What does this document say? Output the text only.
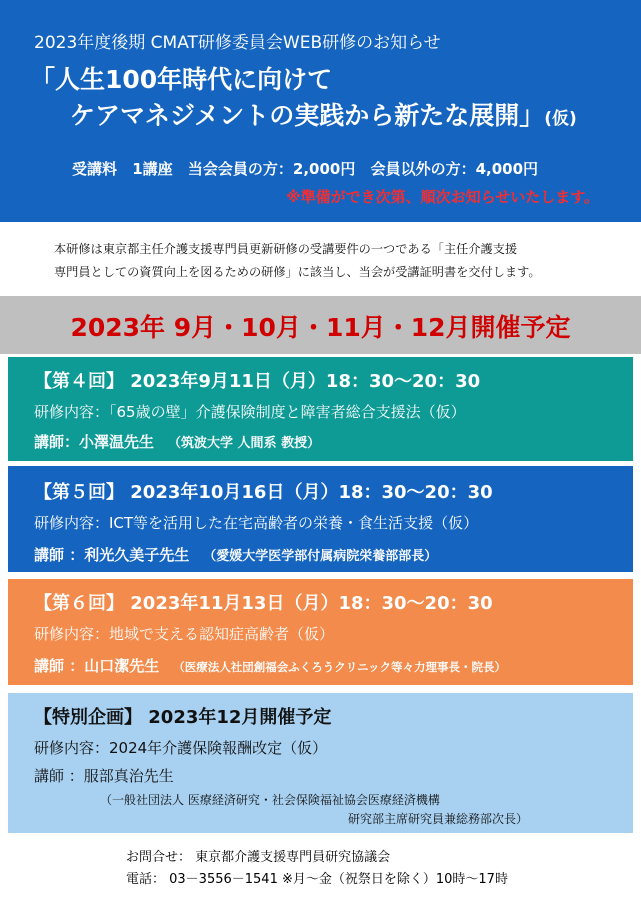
2023年度後期 CMAT研修委員会WEB研修のお知らせ
「人生100年時代に向けて
ケアマネジメントの実践から新たな展開」(仮)
受講料 1講座 当会会員の方：2,000円 会員以外の方：4,000円
※準備ができ次第、順次お知らせいたします。
本研修は東京都主任介護支援専門員更新研修の受講要件の一つである「主任介護支援
専門員としての資質向上を図るための研修」に該当し、当会が受講証明書を交付します。
2023年 9月・10月・11月・12月開催予定
【第４回】 2023年9月11日（月）18：30～20：30
研修内容：「65歳の壁」介護保険制度と障害者総合支援法（仮）
講師：小澤温先生 （筑波大学 人間系 教授）
【第５回】 2023年10月16日（月）18：30～20：30
研修内容：ICT等を活用した在宅高齢者の栄養・食生活支援（仮）
講師 ：利光久美子先生 （愛媛大学医学部付属病院栄養部部長）
【第６回】 2023年11月13日（月）18：30～20：30
研修内容：地域で支える認知症高齢者（仮）
講師 ：山口潔先生 （医療法人社団創福会ふくろうクリニック等々力理事長・院長）
【特別企画】 2023年12月開催予定
研修内容：2024年介護保険報酬改定（仮）
講師 ：服部真治先生
（一般社団法人 医療経済研究・社会保険福祉協会医療経済機構
研究部主席研究員兼総務部次長）
お問合せ： 東京都介護支援専門員研究協議会
電話： 03－3556－1541 ※月～金（祝祭日を除く）10時～17時
